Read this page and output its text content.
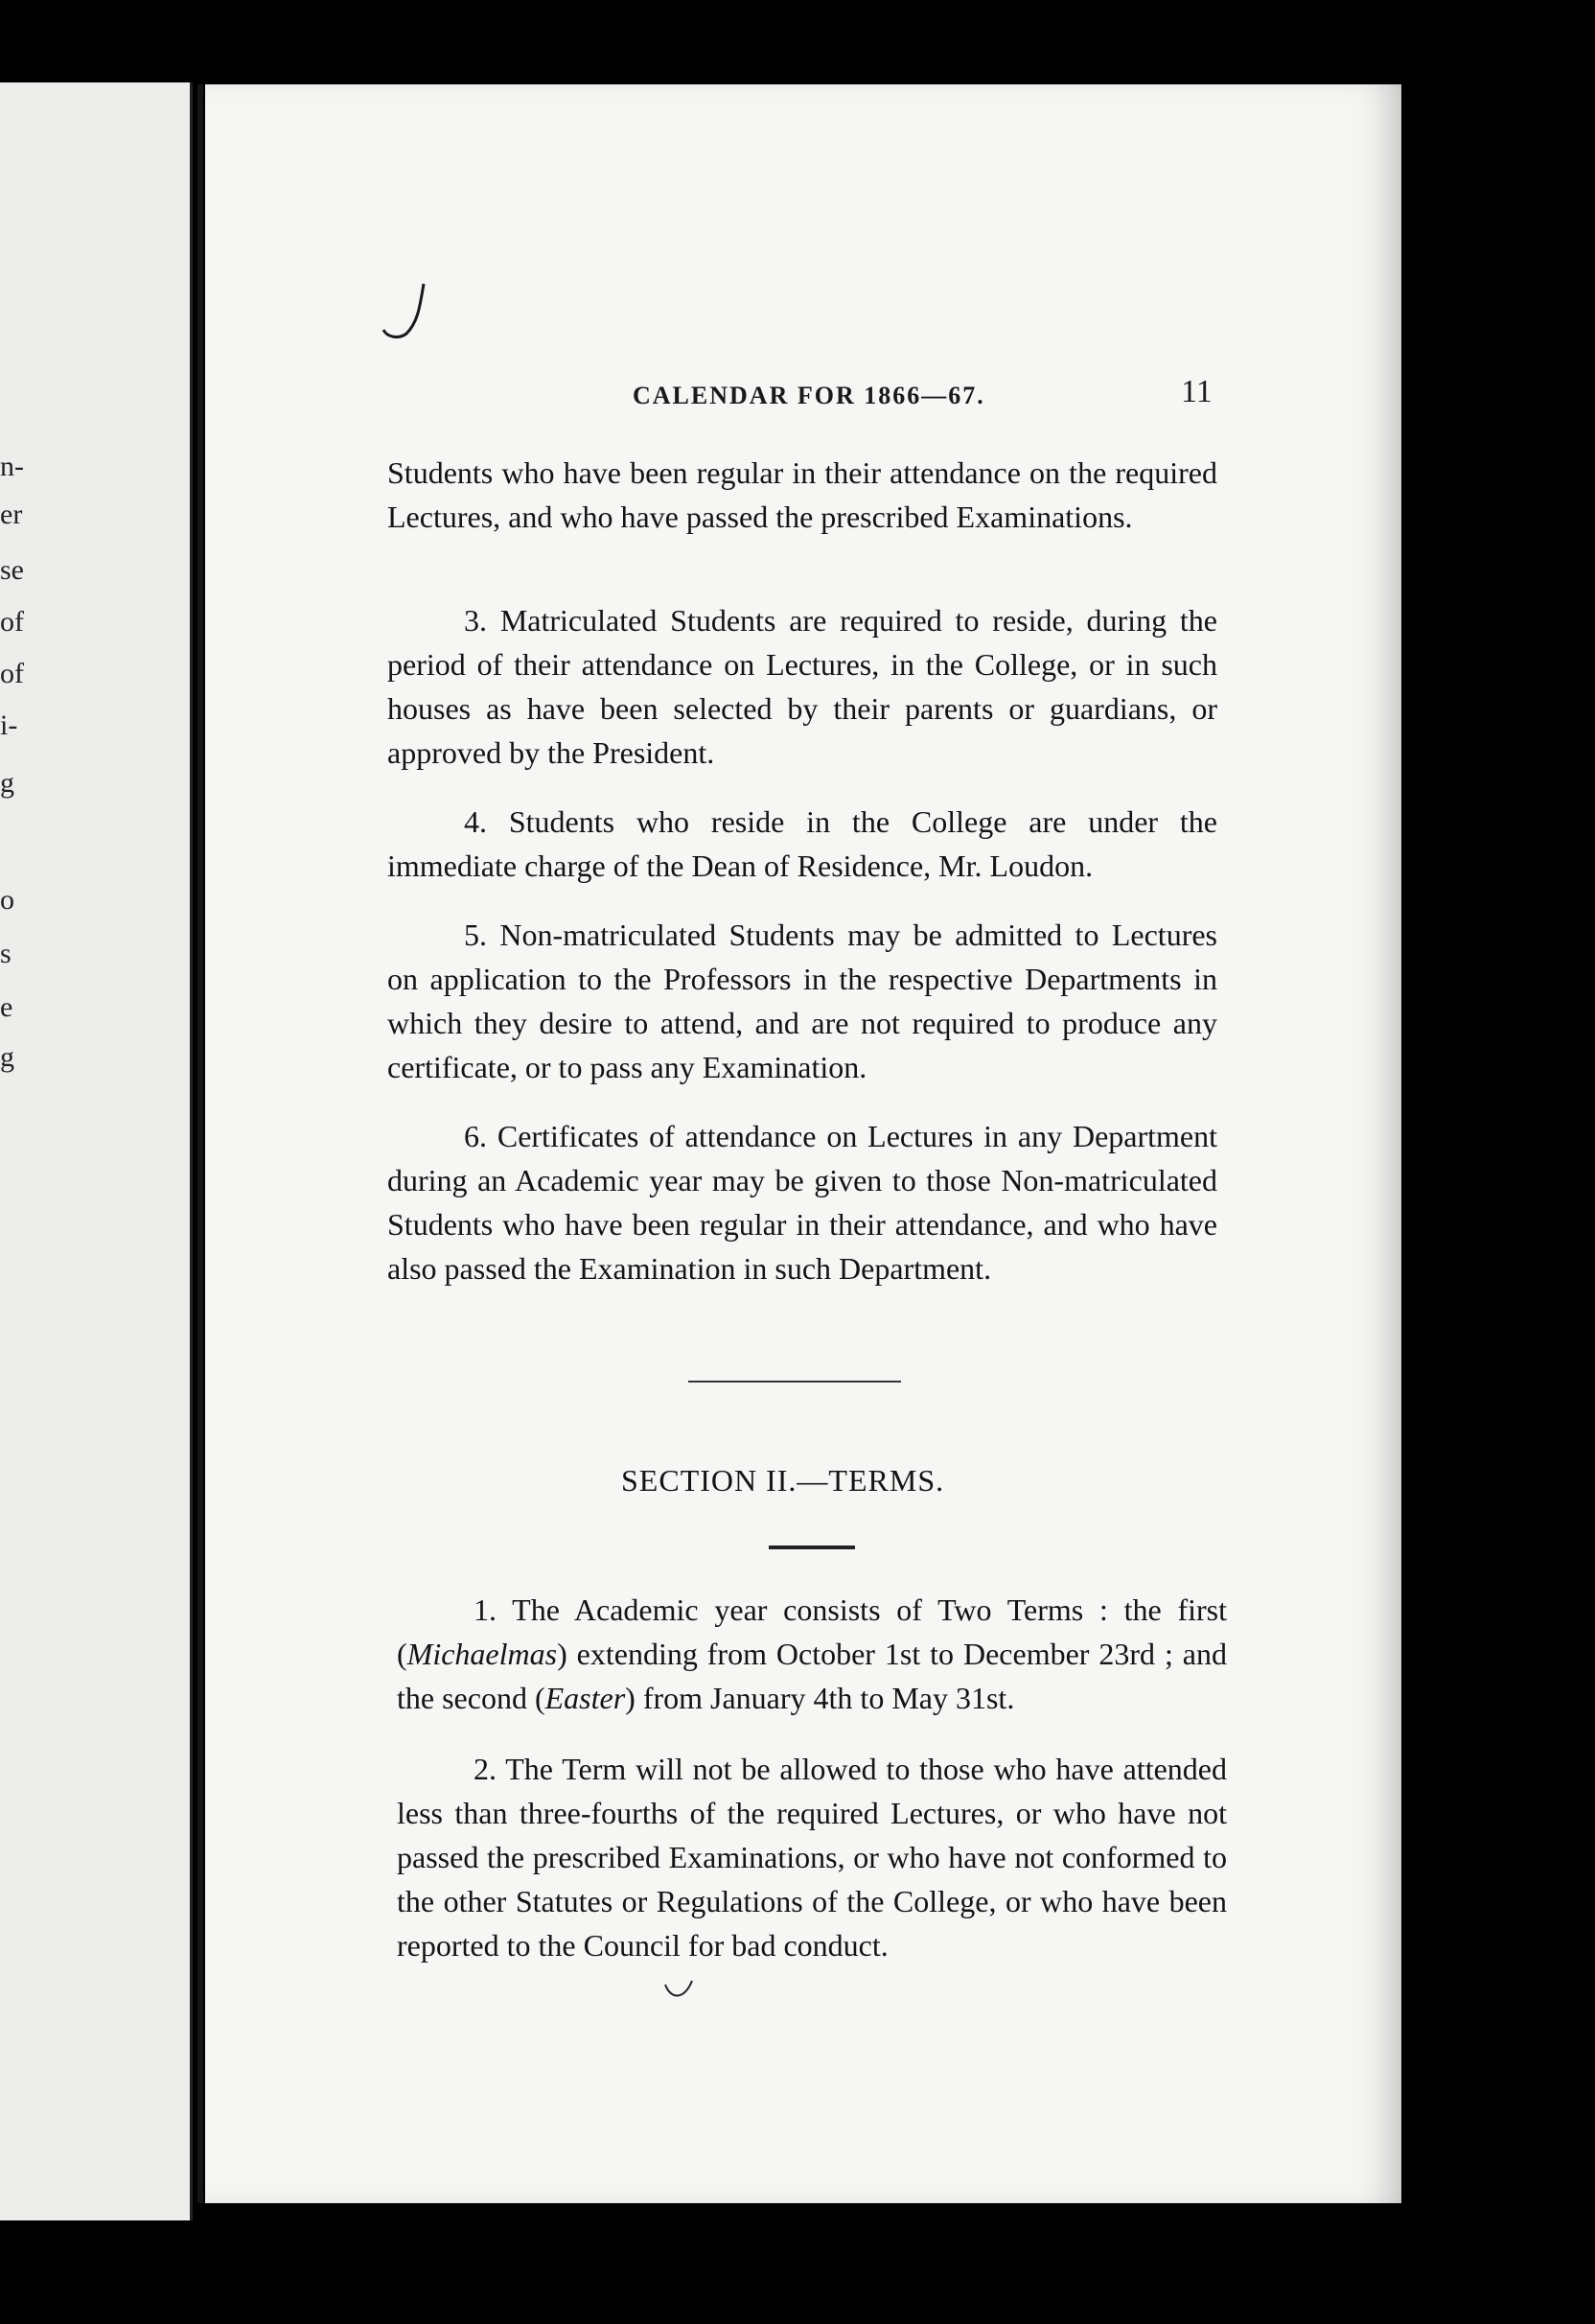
n-
er
se
of
of
i-
g
o
s
e
g
CALENDAR FOR 1866—67.	11

Students who have been regular in their attendance on the required Lectures, and who have passed the prescribed Examinations.

3. Matriculated Students are required to reside, during the period of their attendance on Lectures, in the College, or in such houses as have been selected by their parents or guardians, or approved by the President.

4. Students who reside in the College are under the immediate charge of the Dean of Residence, Mr. Loudon.

5. Non-matriculated Students may be admitted to Lectures on application to the Professors in the respective Departments in which they desire to attend, and are not required to produce any certificate, or to pass any Examination.

6. Certificates of attendance on Lectures in any Department during an Academic year may be given to those Non-matriculated Students who have been regular in their attendance, and who have also passed the Examination in such Department.

SECTION II.—TERMS.

1. The Academic year consists of Two Terms : the first (Michaelmas) extending from October 1st to December 23rd ; and the second (Easter) from January 4th to May 31st.

2. The Term will not be allowed to those who have attended less than three-fourths of the required Lectures, or who have not passed the prescribed Examinations, or who have not conformed to the other Statutes or Regulations of the College, or who have been reported to the Council for bad conduct.
